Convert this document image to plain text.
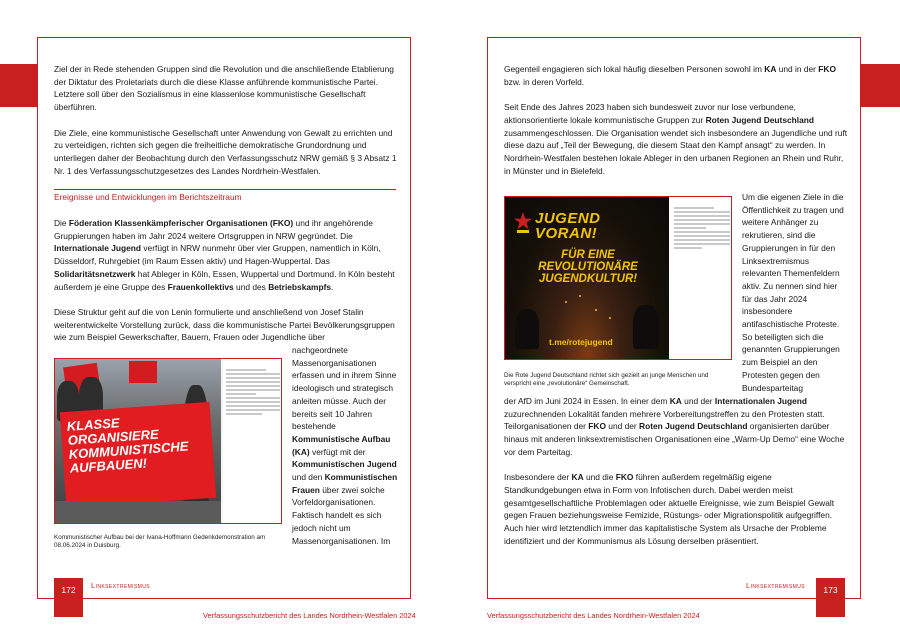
Ziel der in Rede stehenden Gruppen sind die Revolution und die anschließende Etablierung der Diktatur des Proletariats durch die diese Klasse anführende kommunistische Partei. Letztere soll über den Sozialismus in eine klassenlose kommunistische Gesellschaft überführen.

Die Ziele, eine kommunistische Gesellschaft unter Anwendung von Gewalt zu errichten und zu verteidigen, richten sich gegen die freiheitliche demokratische Grundordnung und unterliegen daher der Beobachtung durch den Verfassungsschutz NRW gemäß § 3 Absatz 1 Nr. 1 des Verfassungsschutzgesetzes des Landes Nordrhein-Westfalen.

Ereignisse und Entwicklungen im Berichtszeitraum

Die Föderation Klassenkämpferischer Organisationen (FKO) und ihr angehörende Gruppierungen haben im Jahr 2024 weitere Ortsgruppen in NRW gegründet. Die Internationale Jugend verfügt in NRW nunmehr über vier Gruppen, namentlich in Köln, Düsseldorf, Ruhrgebiet (im Raum Essen aktiv) und Hagen-Wuppertal. Das Solidaritätsnetzwerk hat Ableger in Köln, Essen, Wuppertal und Dortmund. In Köln besteht außerdem je eine Gruppe des Frauenkollektivs und des Betriebskampfs.

Diese Struktur geht auf die von Lenin formulierte und anschließend von Josef Stalin weiterentwickelte Vorstellung zurück, dass die kommunistische Partei Bevölkerungsgruppen wie zum Beispiel Gewerkschafter, Bauern, Frauen oder Jugendliche über

KLASSE ORGANISIERE KOMMUNISTISCHE AUFBAUEN!
nachgeordnete Massenorganisationen erfassen und in ihrem Sinne ideologisch und strategisch anleiten müsse. Auch der bereits seit 10 Jahren bestehende Kommunistische Aufbau (KA) verfügt mit der Kommunistischen Jugend und den Kommunistischen Frauen über zwei solche Vorfeldorganisationen. Faktisch handelt es sich jedoch nicht um Massenorganisationen. Im
Kommunistischer Aufbau bei der Ivana-Hoffmann Gedenkdemonstration am 08.06.2024 in Duisburg.
172	Linksextremismus
Verfassungsschutzbericht des Landes Nordrhein-Westfalen 2024

Gegenteil engagieren sich lokal häufig dieselben Personen sowohl im KA und in der FKO bzw. in deren Vorfeld.

Seit Ende des Jahres 2023 haben sich bundesweit zuvor nur lose verbundene, aktionsorientierte lokale kommunistische Gruppen zur Roten Jugend Deutschland zusammengeschlossen. Die Organisation wendet sich insbesondere an Jugendliche und ruft diese dazu auf „Teil der Bewegung, die diesem Staat den Kampf ansagt“ zu werden. In Nordrhein-Westfalen bestehen lokale Ableger in den urbanen Regionen an Rhein und Ruhr, in Münster und in Bielefeld.

JUGEND VORAN!
FÜR EINE REVOLUTIONÄRE JUGENDKULTUR!
t.me/rotejugend
Um die eigenen Ziele in die Öffentlichkeit zu tragen und weitere Anhänger zu rekrutieren, sind die Gruppierungen in für den Linksextremismus relevanten Themenfeldern aktiv. Zu nennen sind hier für das Jahr 2024 insbesondere antifaschistische Proteste. So beteiligten sich die genannten Gruppierungen zum Beispiel an den Protesten gegen den Bundesparteitag
Die Rote Jugend Deutschland richtet sich gezielt an junge Menschen und verspricht eine „revolutionäre“ Gemeinschaft.

der AfD im Juni 2024 in Essen. In einer dem KA und der Internationalen Jugend zuzurechnenden Lokalität fanden mehrere Vorbereitungstreffen zu den Protesten statt. Teilorganisationen der FKO und der Roten Jugend Deutschland organisierten darüber hinaus mit anderen linksextremistischen Organisationen eine „Warm-Up Demo“ eine Woche vor dem Parteitag.

Insbesondere der KA und die FKO führen außerdem regelmäßig eigene Standkundgebungen etwa in Form von Infotischen durch. Dabei werden meist gesamtgesellschaftliche Problemlagen oder aktuelle Ereignisse, wie zum Beispiel Gewalt gegen Frauen beziehungsweise Femizide, Rüstungs- oder Migrationspolitik aufgegriffen. Auch hier wird letztendlich immer das kapitalistische System als Ursache der Probleme identifiziert und der Kommunismus als Lösung derselben präsentiert.

Linksextremismus	173
Verfassungsschutzbericht des Landes Nordrhein-Westfalen 2024
